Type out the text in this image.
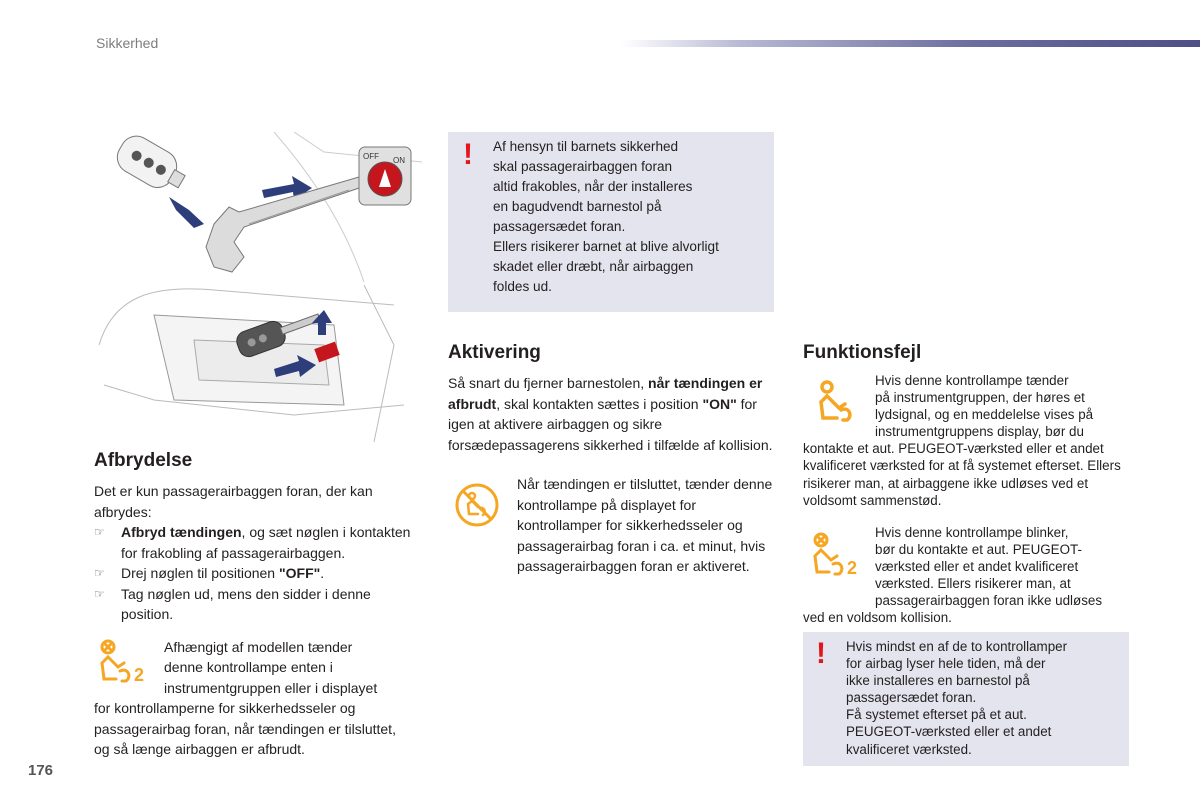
Sikkerhed
OFF ON ! Af hensyn til barnets sikkerhed
skal passagerairbaggen foran
altid frakobles, når der installeres
en bagudvendt barnestol på
passagersædet foran.
Ellers risikerer barnet at blive alvorligt
skadet eller dræbt, når airbaggen
foldes ud.
Afbrydelse
Det er kun passagerairbaggen foran, der kan afbrydes:
☞ Afbryd tændingen, og sæt nøglen i kontakten for frakobling af passagerairbaggen.
☞ Drej nøglen til positionen "OFF".
☞ Tag nøglen ud, mens den sidder i denne position.
2
Afhængigt af modellen tænder
denne kontrollampe enten i
instrumentgruppen eller i displayet
for kontrollamperne for sikkerhedsseler og passagerairbag foran, når tændingen er tilsluttet, og så længe airbaggen er afbrudt.
Aktivering
Så snart du fjerner barnestolen, når tændingen er afbrudt, skal kontakten sættes i position "ON" for igen at aktivere airbaggen og sikre forsædepassagerens sikkerhed i tilfælde af kollision.
Når tændingen er tilsluttet, tænder denne kontrollampe på displayet for kontrollamper for sikkerhedsseler og passagerairbag foran i ca. et minut, hvis passagerairbaggen foran er aktiveret.
Funktionsfejl
Hvis denne kontrollampe tænder
på instrumentgruppen, der høres et
lydsignal, og en meddelelse vises på
instrumentgruppens display, bør du
kontakte et aut. PEUGEOT-værksted eller et andet kvalificeret værksted for at få systemet efterset. Ellers risikerer man, at airbaggene ikke udløses ved et voldsomt sammenstød.
2
Hvis denne kontrollampe blinker,
bør du kontakte et aut. PEUGEOT-
værksted eller et andet kvalificeret
værksted. Ellers risikerer man, at
passagerairbaggen foran ikke udløses
ved en voldsom kollision.
! Hvis mindst en af de to kontrollamper
for airbag lyser hele tiden, må der
ikke installeres en barnestol på
passagersædet foran.
Få systemet efterset på et aut.
PEUGEOT-værksted eller et andet
kvalificeret værksted.
176
